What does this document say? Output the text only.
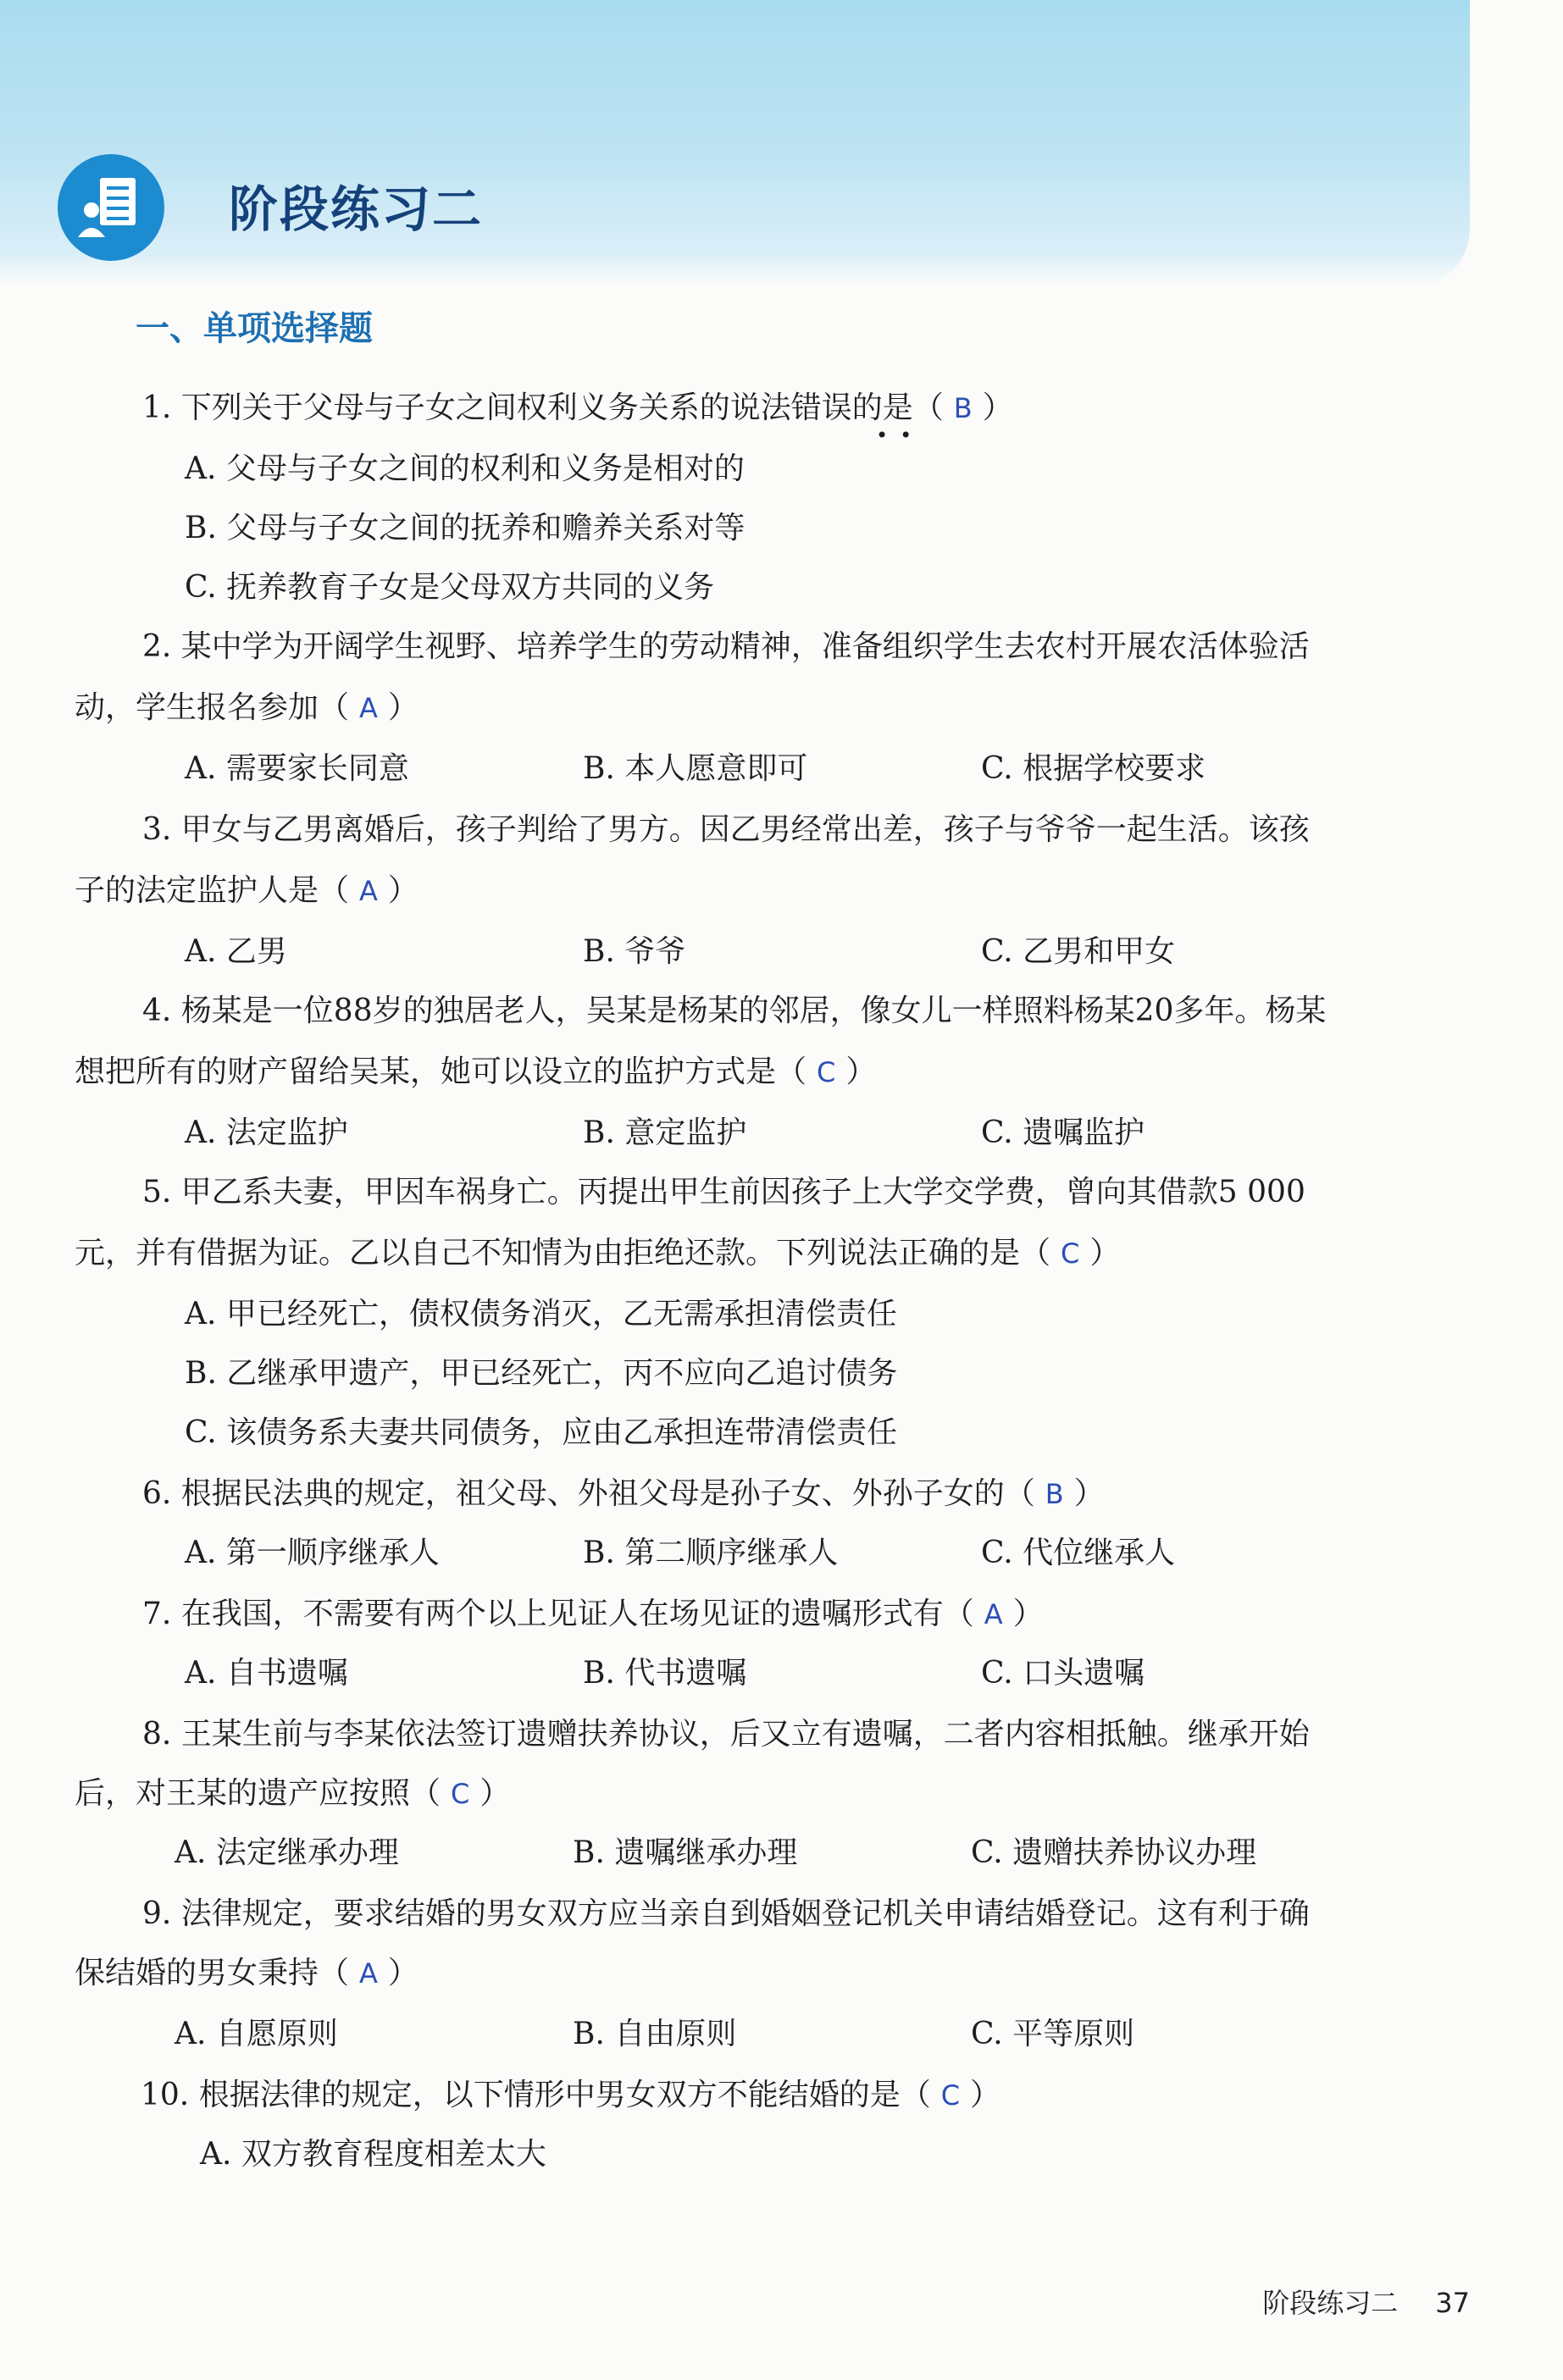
阶段练习二
一、单项选择题
1. 下列关于父母与子女之间权利义务关系的说法错误的是（ B ）
••
A. 父母与子女之间的权利和义务是相对的
B. 父母与子女之间的抚养和赡养关系对等
C. 抚养教育子女是父母双方共同的义务
2. 某中学为开阔学生视野、培养学生的劳动精神，准备组织学生去农村开展农活体验活
动，学生报名参加（ A ）
A. 需要家长同意	B. 本人愿意即可	C. 根据学校要求
3. 甲女与乙男离婚后，孩子判给了男方。因乙男经常出差，孩子与爷爷一起生活。该孩
子的法定监护人是（ A ）
A. 乙男	B. 爷爷	C. 乙男和甲女
4. 杨某是一位88岁的独居老人，吴某是杨某的邻居，像女儿一样照料杨某20多年。杨某
想把所有的财产留给吴某，她可以设立的监护方式是（ C ）
A. 法定监护	B. 意定监护	C. 遗嘱监护
5. 甲乙系夫妻，甲因车祸身亡。丙提出甲生前因孩子上大学交学费，曾向其借款5 000
元，并有借据为证。乙以自己不知情为由拒绝还款。下列说法正确的是（ C ）
A. 甲已经死亡，债权债务消灭，乙无需承担清偿责任
B. 乙继承甲遗产，甲已经死亡，丙不应向乙追讨债务
C. 该债务系夫妻共同债务，应由乙承担连带清偿责任
6. 根据民法典的规定，祖父母、外祖父母是孙子女、外孙子女的（ B ）
A. 第一顺序继承人	B. 第二顺序继承人	C. 代位继承人
7. 在我国，不需要有两个以上见证人在场见证的遗嘱形式有（ A ）
A. 自书遗嘱	B. 代书遗嘱	C. 口头遗嘱
8. 王某生前与李某依法签订遗赠扶养协议，后又立有遗嘱，二者内容相抵触。继承开始
后，对王某的遗产应按照（ C ）
A. 法定继承办理	B. 遗嘱继承办理	C. 遗赠扶养协议办理
9. 法律规定，要求结婚的男女双方应当亲自到婚姻登记机关申请结婚登记。这有利于确
保结婚的男女秉持（ A ）
A. 自愿原则	B. 自由原则	C. 平等原则
10. 根据法律的规定，以下情形中男女双方不能结婚的是（ C ）
A. 双方教育程度相差太大
阶段练习二 37
